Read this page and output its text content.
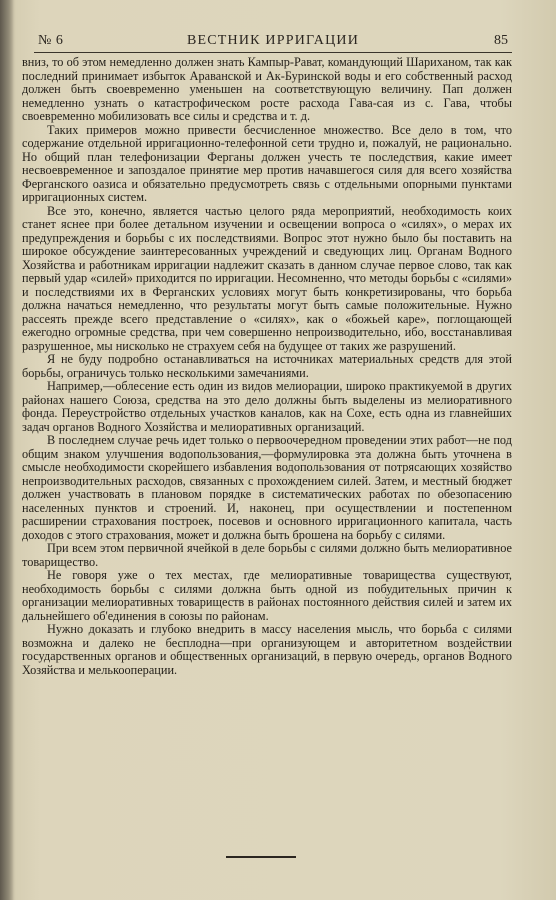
№ 6	ВЕСТНИК ИРРИГАЦИИ	85

вниз, то об этом немедленно должен знать Кампыр-Рават, командующий Шариханом, так как последний принимает избыток Араванской и Ак-Буринской воды и его собственный расход должен быть своевременно уменьшен на соответствующую величину. Пап должен немедленно узнать о катастрофическом росте расхода Гава-сая из с. Гава, чтобы своевременно мобилизовать все силы и средства и т. д.

Таких примеров можно привести бесчисленное множество. Все дело в том, что содержание отдельной ирригационно-телефонной сети трудно и, пожалуй, не рационально. Но общий план телефонизации Ферганы должен учесть те последствия, какие имеет несвоевременное и запоздалое принятие мер против начавшегося силя для всего хозяйства Ферганского оазиса и обязательно предусмотреть связь с отдельными опорными пунктами ирригационных систем.

Все это, конечно, является частью целого ряда мероприятий, необходимость коих станет яснее при более детальном изучении и освещении вопроса о «силях», о мерах их предупреждения и борьбы с их последствиями. Вопрос этот нужно было бы поставить на широкое обсуждение заинтересованных учреждений и сведующих лиц. Органам Водного Хозяйства и работникам ирригации надлежит сказать в данном случае первое слово, так как первый удар «силей» приходится по ирригации. Несомненно, что методы борьбы с «силями» и последствиями их в Ферганских условиях могут быть конкретизированы, что борьба должна начаться немедленно, что результаты могут быть самые положительные. Нужно рассеять прежде всего представление о «силях», как о «божьей каре», поглощающей ежегодно огромные средства, при чем совершенно непроизводительно, ибо, восстанавливая разрушенное, мы нисколько не страхуем себя на будущее от таких же разрушений.

Я не буду подробно останавливаться на источниках материальных средств для этой борьбы, ограничусь только несколькими замечаниями.

Например,—облесение есть один из видов мелиорации, широко практикуемой в других районах нашего Союза, средства на это дело должны быть выделены из мелиоративного фонда. Переустройство отдельных участков каналов, как на Сохе, есть одна из главнейших задач органов Водного Хозяйства и мелиоративных организаций.

В последнем случае речь идет только о первоочередном проведении этих работ—не под общим знаком улучшения водопользования,—формулировка эта должна быть уточнена в смысле необходимости скорейшего избавления водопользования от потрясающих хозяйство непроизводительных расходов, связанных с прохождением силей. Затем, и местный бюджет должен участвовать в плановом порядке в систематических работах по обезопасению населенных пунктов и строений. И, наконец, при осуществлении и постепенном расширении страхования построек, посевов и основного ирригационного капитала, часть доходов с этого страхования, может и должна быть брошена на борьбу с силями.

При всем этом первичной ячейкой в деле борьбы с силями должно быть мелиоративное товарищество.

Не говоря уже о тех местах, где мелиоративные товарищества существуют, необходимость борьбы с силями должна быть одной из побудительных причин к организации мелиоративных товариществ в районах постоянного действия силей и затем их дальнейшего об'единения в союзы по районам.

Нужно доказать и глубоко внедрить в массу населения мысль, что борьба с силями возможна и далеко не бесплодна—при организующем и авторитетном воздействии государственных органов и общественных организаций, в первую очередь, органов Водного Хозяйства и мелькооперации.
